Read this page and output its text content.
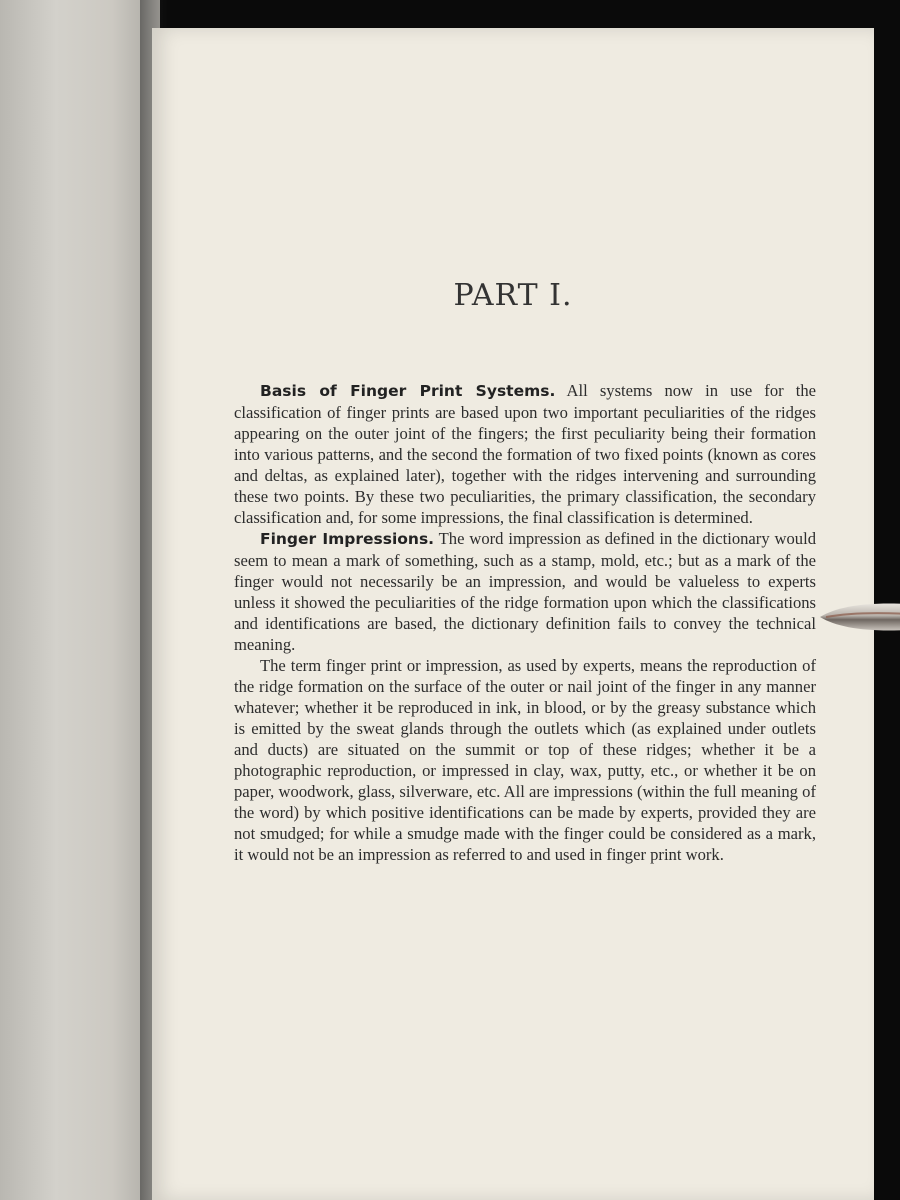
PART I.

Basis of Finger Print Systems. All systems now in use for the classification of finger prints are based upon two important peculiarities of the ridges appearing on the outer joint of the fingers; the first peculiarity being their formation into various patterns, and the second the formation of two fixed points (known as cores and deltas, as explained later), together with the ridges intervening and surrounding these two points. By these two peculiarities, the primary classification, the secondary classification and, for some impressions, the final classification is determined.

Finger Impressions. The word impression as defined in the dictionary would seem to mean a mark of something, such as a stamp, mold, etc.; but as a mark of the finger would not necessarily be an impression, and would be valueless to experts unless it showed the peculiarities of the ridge formation upon which the classifications and identifications are based, the dictionary definition fails to convey the technical meaning.

The term finger print or impression, as used by experts, means the reproduction of the ridge formation on the surface of the outer or nail joint of the finger in any manner whatever; whether it be reproduced in ink, in blood, or by the greasy substance which is emitted by the sweat glands through the outlets which (as explained under outlets and ducts) are situated on the summit or top of these ridges; whether it be a photographic reproduction, or impressed in clay, wax, putty, etc., or whether it be on paper, woodwork, glass, silverware, etc. All are impressions (within the full meaning of the word) by which positive identifications can be made by experts, provided they are not smudged; for while a smudge made with the finger could be considered as a mark, it would not be an impression as referred to and used in finger print work.
